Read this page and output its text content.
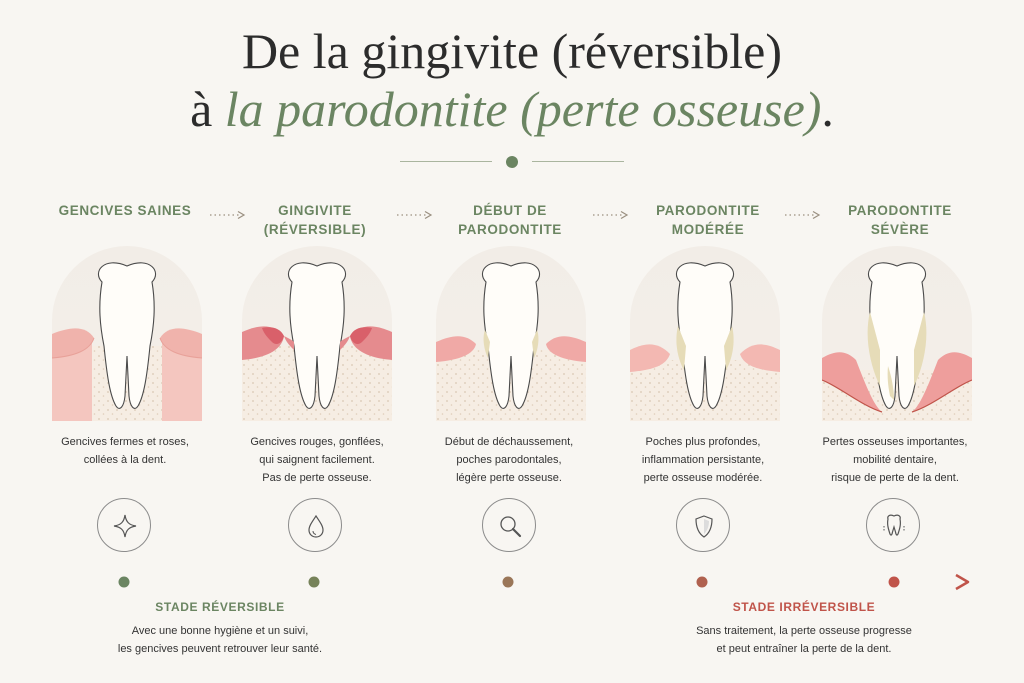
De la gingivite (réversible)
à la parodontite (perte osseuse).
GENCIVES SAINES	GINGIVITE
(RÉVERSIBLE)
DÉBUT DE
PARODONTITE
PARODONTITE
MODÉRÉE
PARODONTITE
SÉVÈRE
Gencives fermes et roses,
collées à la dent.
Gencives rouges, gonflées,
qui saignent facilement.
Pas de perte osseuse.
Début de déchaussement,
poches parodontales,
légère perte osseuse.
Poches plus profondes,
inflammation persistante,
perte osseuse modérée.
Pertes osseuses importantes,
mobilité dentaire,
risque de perte de la dent.
STADE RÉVERSIBLE
Avec une bonne hygiène et un suivi,
les gencives peuvent retrouver leur santé.
STADE IRRÉVERSIBLE
Sans traitement, la perte osseuse progresse
et peut entraîner la perte de la dent.
